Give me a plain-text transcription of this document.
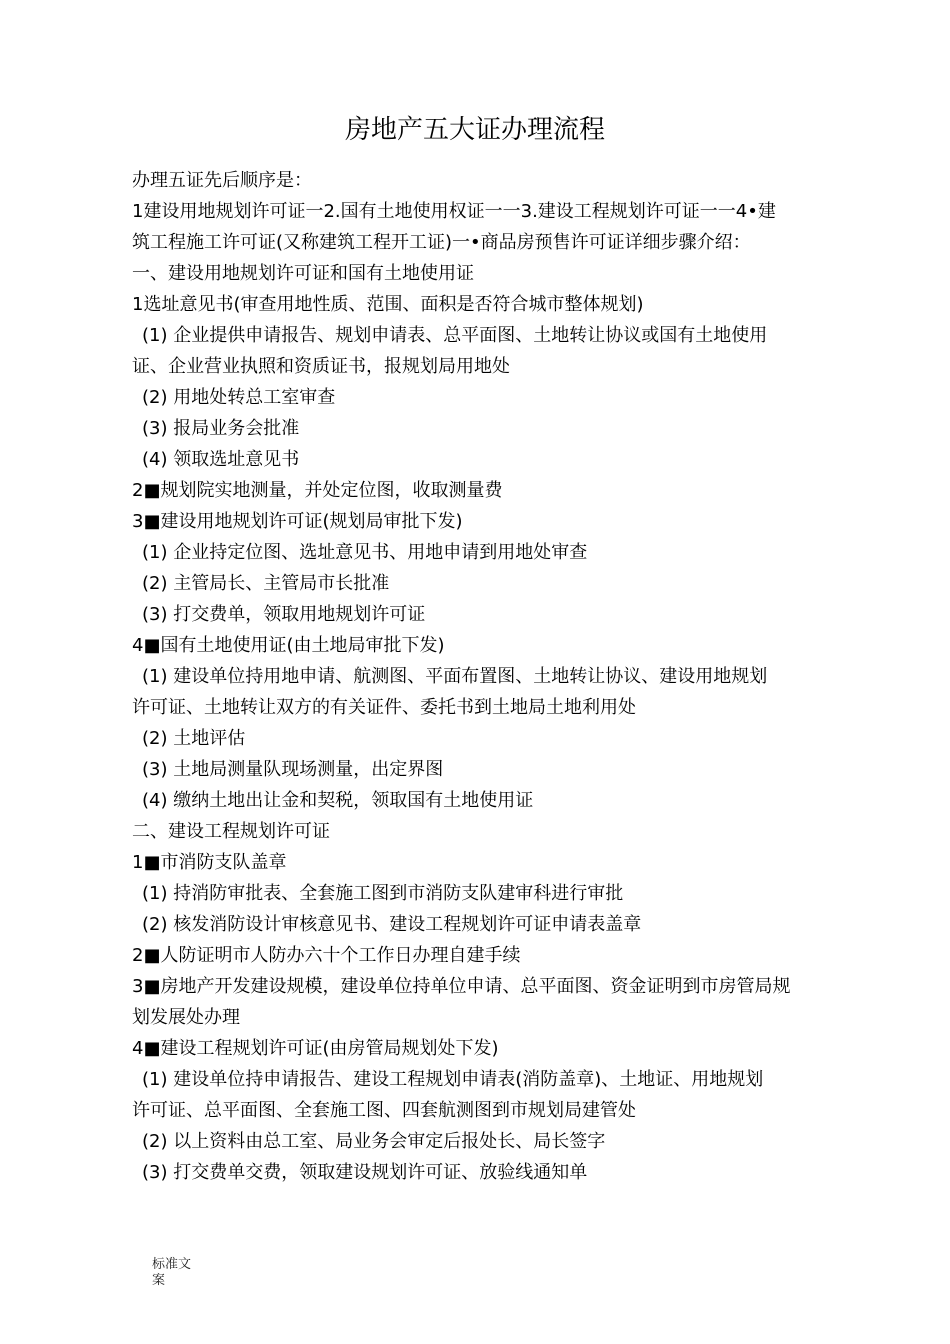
房地产五大证办理流程
办理五证先后顺序是：
1建设用地规划许可证一2.国有土地使用权证一一3.建设工程规划许可证一一4•建
筑工程施工许可证(又称建筑工程开工证)一•商品房预售许可证详细步骤介绍：
一、建设用地规划许可证和国有土地使用证
1选址意见书(审查用地性质、范围、面积是否符合城市整体规划)
(1) 企业提供申请报告、规划申请表、总平面图、土地转让协议或国有土地使用
证、企业营业执照和资质证书，报规划局用地处
(2) 用地处转总工室审查
(3) 报局业务会批准
(4) 领取选址意见书
2■规划院实地测量，并处定位图，收取测量费
3■建设用地规划许可证(规划局审批下发)
(1) 企业持定位图、选址意见书、用地申请到用地处审查
(2) 主管局长、主管局市长批准
(3) 打交费单，领取用地规划许可证
4■国有土地使用证(由土地局审批下发)
(1) 建设单位持用地申请、航测图、平面布置图、土地转让协议、建设用地规划
许可证、土地转让双方的有关证件、委托书到土地局土地利用处
(2) 土地评估
(3) 土地局测量队现场测量，出定界图
(4) 缴纳土地出让金和契税，领取国有土地使用证
二、建设工程规划许可证
1■市消防支队盖章
(1) 持消防审批表、全套施工图到市消防支队建审科进行审批
(2) 核发消防设计审核意见书、建设工程规划许可证申请表盖章
2■人防证明市人防办六十个工作日办理自建手续
3■房地产开发建设规模，建设单位持单位申请、总平面图、资金证明到市房管局规
划发展处办理
4■建设工程规划许可证(由房管局规划处下发)
(1) 建设单位持申请报告、建设工程规划申请表(消防盖章)、土地证、用地规划
许可证、总平面图、全套施工图、四套航测图到市规划局建管处
(2) 以上资料由总工室、局业务会审定后报处长、局长签字
(3) 打交费单交费，领取建设规划许可证、放验线通知单
标准文案
